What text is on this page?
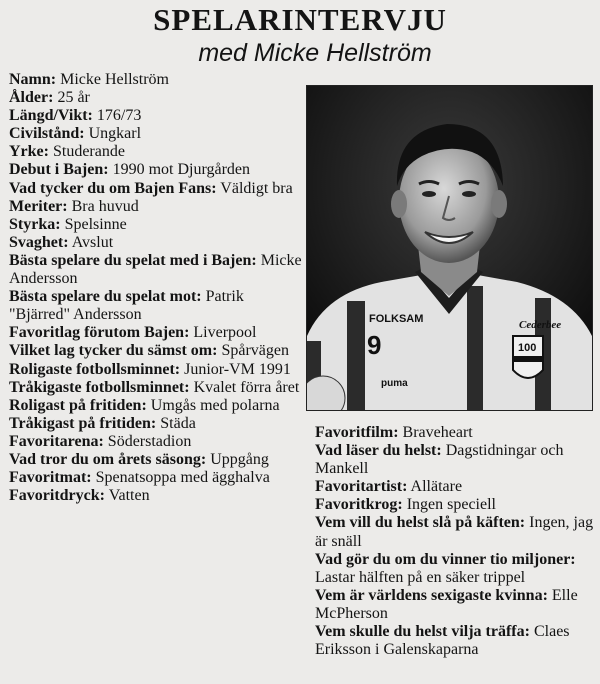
SPELARINTERVJU
med Micke Hellström

Namn: Micke Hellström

Ålder: 25 år

Längd/Vikt: 176/73

Civilstånd: Ungkarl

Yrke: Studerande

Debut i Bajen: 1990 mot Djurgården

Vad tycker du om Bajen Fans: Väldigt bra

Meriter: Bra huvud

Styrka: Spelsinne

Svaghet: Avslut

Bästa spelare du spelat med i Bajen: Micke Andersson

Bästa spelare du spelat mot: Patrik "Bjärred" Andersson

Favoritlag förutom Bajen: Liverpool

Vilket lag tycker du sämst om: Spårvägen

Roligaste fotbollsminnet: Junior-VM 1991

Tråkigaste fotbollsminnet: Kvalet förra året

Roligast på fritiden: Umgås med polarna

Tråkigast på fritiden: Städa

Favoritarena: Söderstadion

Vad tror du om årets säsong: Uppgång

Favoritmat: Spenatsoppa med ägghalva

Favoritdryck: Vatten

9
FOLKSAM	Cederbee
puma
100

Favoritfilm: Braveheart

Vad läser du helst: Dagstidningar och Mankell

Favoritartist: Allätare

Favoritkrog: Ingen speciell

Vem vill du helst slå på käften: Ingen, jag är snäll

Vad gör du om du vinner tio miljoner: Lastar hälften på en säker trippel

Vem är världens sexigaste kvinna: Elle McPherson

Vem skulle du helst vilja träffa: Claes Eriksson i Galenskaparna
